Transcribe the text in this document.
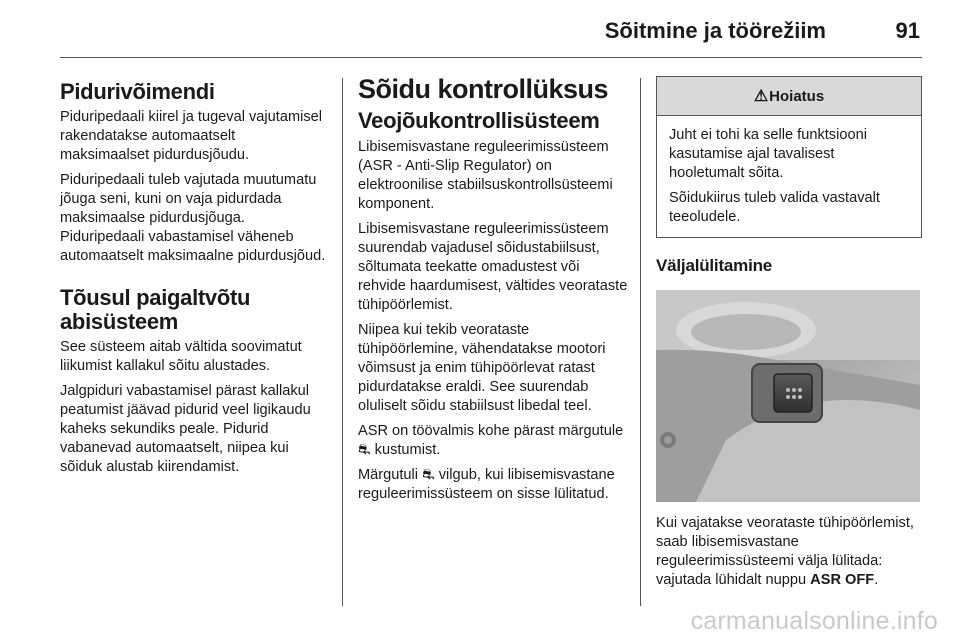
Sõitmine ja töörežiim	91
Pidurivõimendi

Piduripedaali kiirel ja tugeval vajutamisel rakendatakse automaatselt maksimaalset pidurdusjõudu.

Piduripedaali tuleb vajutada muutumatu jõuga seni, kuni on vaja pidurdada maksimaalse pidurdusjõuga. Piduripedaali vabastamisel väheneb automaatselt maksimaalne pidurdusjõud.

Tõusul paigaltvõtu abisüsteem

See süsteem aitab vältida soovimatut liikumist kallakul sõitu alustades.

Jalgpiduri vabastamisel pärast kallakul peatumist jäävad pidurid veel ligikaudu kaheks sekundiks peale. Pidurid vabanevad automaatselt, niipea kui sõiduk alustab kiirendamist.

Sõidu kontrollüksus
Veojõukontrollisüsteem

Libisemisvastane reguleerimissüsteem (ASR - Anti-Slip Regulator) on elektroonilise stabiilsuskontrollsüsteemi komponent.

Libisemisvastane reguleerimissüsteem suurendab vajadusel sõidustabiilsust, sõltumata teekatte omadustest või rehvide haardumisest, vältides veorataste tühipöörlemist.

Niipea kui tekib veorataste tühipöörlemine, vähendatakse mootori võimsust ja enim tühipöörlevat ratast pidurdatakse eraldi. See suurendab oluliselt sõidu stabiilsust libedal teel.

ASR on töövalmis kohe pärast märgutule ⛐ kustumist.

Märgutuli ⛐ vilgub, kui libisemisvastane reguleerimissüsteem on sisse lülitatud.

⚠ Hoiatus

Juht ei tohi ka selle funktsiooni kasutamise ajal tavalisest hooletumalt sõita.

Sõidukiirus tuleb valida vastavalt teeoludele.

Väljalülitamine

Kui vajatakse veorataste tühipöörlemist, saab libisemisvastane reguleerimissüsteemi välja lülitada: vajutada lühidalt nuppu ASR OFF.

carmanualsonline.info
